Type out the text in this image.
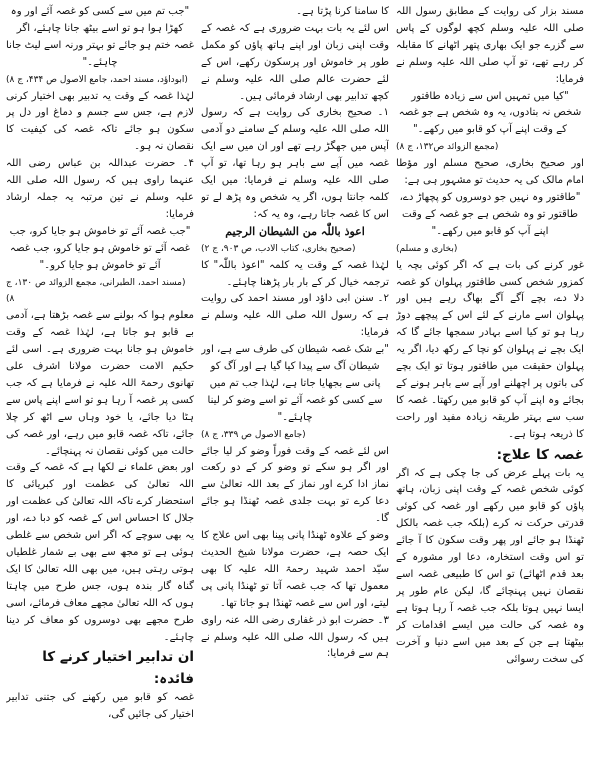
مسند بزار کی روایت کے مطابق رسول اللہ صلی اللہ علیہ وسلم کچھ لوگوں کے پاس سے گزرے جو ایک بھاری پتھر اٹھانے کا مقابلہ کر رہے تھے، تو آپ صلی اللہ علیہ وسلم نے فرمایا:

"کیا میں تمہیں اس سے زیادہ طاقتور شخص نہ بتادوں، یہ وہ شخص ہے جو غصہ کے وقت اپنے آپ کو قابو میں رکھے۔"

(مجمع الزوائد ص۱۳۲، ج ۸)

اور صحیح بخاری، صحیح مسلم اور مؤطا امام مالک کی یہ حدیث تو مشہور ہی ہے:

"طاقتور وہ نہیں جو دوسروں کو پچھاڑ دے، طاقتور تو وہ شخص ہے جو غصہ کے وقت اپنے آپ کو قابو میں رکھے۔"

(بخاری و مسلم)

غور کرنے کی بات ہے کہ اگر کوئی بچہ یا کمزور شخص کسی طاقتور پہلوان کو غصہ دلا دے، بچے آگے آگے بھاگ رہے ہیں اور پہلوان اسے مارنے کے لئے اس کے پیچھے دوڑ رہا ہو تو کیا اسے بہادر سمجھا جائے گا کہ ایک بچے نے پہلوان کو نچا کے رکھ دیا، اگر یہ پہلوان حقیقت میں طاقتور ہوتا تو ایک بچے کی باتوں پر اچھلنے اور آپے سے باہر ہونے کے بجائے وہ اپنے آپ کو قابو میں رکھتا۔ غصہ کا سب سے بہتر طریقہ زیادہ مفید اور راحت کا ذریعہ ہوتا ہے۔

غصہ کا علاج:

یہ بات پہلے عرض کی جا چکی ہے کہ اگر کوئی شخص غصہ کے وقت اپنی زبان، ہاتھ پاؤں کو قابو میں رکھے اور غصہ کی کوئی قدرتی حرکت نہ کرے (بلکہ جب غصہ بالکل ٹھنڈا ہو جائے اور پھر وقت سکون کا آ جائے تو اس وقت استخارہ، دعا اور مشورہ کے بعد قدم اٹھائے) تو اس کا طبیعی غصہ اسے نقصان نہیں پہنچائے گا، لیکن عام طور پر ایسا نہیں ہوتا بلکہ جب غصہ آ رہا ہوتا ہے وہ غصہ کی حالت میں ایسے اقدامات کر بیٹھتا ہے جن کے بعد میں اسے دنیا و آخرت کی سخت رسوائی

کا سامنا کرنا پڑتا ہے۔

اس لئے یہ بات بہت ضروری ہے کہ غصہ کے وقت اپنی زبان اور اپنے ہاتھ پاؤں کو مکمل طور پر خاموش اور پرسکون رکھے، اس کے لئے حضرت عالم صلی اللہ علیہ وسلم نے کچھ تدابیر بھی ارشاد فرمائی ہیں۔

۱۔ صحیح بخاری کی روایت ہے کہ رسول اللہ صلی اللہ علیہ وسلم کے سامنے دو آدمی آپس میں جھگڑ رہے تھے اور ان میں سے ایک غصہ میں آپے سے باہر ہو رہا تھا، تو آپ صلی اللہ علیہ وسلم نے فرمایا: میں ایک کلمہ جانتا ہوں، اگر یہ شخص وہ پڑھ لے تو اس کا غصہ جاتا رہے، وہ یہ کہ:

اعوذ باللّٰہ من الشیطان الرجیم

(صحیح بخاری، کتاب الادب، ص ۹۰۳، ج ۲)

لہٰذا غصہ کے وقت یہ کلمہ "اعوذ باللّٰہ" کا ترجمہ خیال کر کے بار بار پڑھنا چاہئے۔

۲۔ سنن ابی داؤد اور مسند احمد کی روایت ہے کہ رسول اللہ صلی اللہ علیہ وسلم نے فرمایا:

"بے شک غصہ شیطان کی طرف سے ہے، اور شیطان آگ سے پیدا کیا گیا ہے اور آگ کو پانی سے بجھایا جاتا ہے، لہٰذا جب تم میں سے کسی کو غصہ آئے تو اسے وضو کر لینا چاہئے۔"

(جامع الاصول ص ۳۳۹، ج ۸)

اس لئے غصہ کے وقت فوراً وضو کر لیا جائے اور اگر ہو سکے تو وضو کر کے دو رکعت نماز ادا کرے اور نماز کے بعد اللہ تعالیٰ سے دعا کرے تو بہت جلدی غصہ ٹھنڈا ہو جائے گا۔

وضو کے علاوہ ٹھنڈا پانی پینا بھی اس علاج کا ایک حصہ ہے، حضرت مولانا شیخ الحدیث سیّد احمد شہید رحمۃ اللہ علیہ کا بھی معمول تھا کہ جب غصہ آتا تو ٹھنڈا پانی پی لیتے، اور اس سے غصہ ٹھنڈا ہو جاتا تھا۔

۳۔ حضرت ابو ذر غفاری رضی اللہ عنہ راوی ہیں کہ رسول اللہ صلی اللہ علیہ وسلم نے ہم سے فرمایا:

"جب تم میں سے کسی کو غصہ آئے اور وہ کھڑا ہوا ہو تو اسے بیٹھ جانا چاہئے، اگر غصہ ختم ہو جائے تو بہتر ورنہ اسے لیٹ جانا چاہئے۔"

(ابوداؤد، مسند احمد، جامع الاصول ص ۴۳۴، ج ۸)

لہٰذا غصہ کے وقت یہ تدبیر بھی اختیار کرنی لازم ہے، جس سے جسم و دماغ اور دل پر سکون ہو جائے تاکہ غصہ کی کیفیت کا نقصان نہ ہو۔

۴۔ حضرت عبداللہ بن عباس رضی اللہ عنہما راوی ہیں کہ رسول اللہ صلی اللہ علیہ وسلم نے تین مرتبہ یہ جملہ ارشاد فرمایا:

"جب غصہ آئے تو خاموش ہو جایا کرو، جب غصہ آئے تو خاموش ہو جایا کرو، جب غصہ آئے تو خاموش ہو جایا کرو۔"

(مسند احمد، الطبرانی، مجمع الزوائد ص ۱۳۰، ج ۸)

معلوم ہوا کہ بولنے سے غصہ بڑھتا ہے، آدمی بے قابو ہو جاتا ہے، لہٰذا غصہ کے وقت خاموش ہو جانا بہت ضروری ہے۔ اسی لئے حکیم الامت حضرت مولانا اشرف علی تھانوی رحمۃ اللہ علیہ نے فرمایا ہے کہ جب کسی پر غصہ آ رہا ہو تو اسے اپنے پاس سے ہٹا دیا جائے، یا خود وہاں سے اٹھ کر چلا جائے، تاکہ غصہ قابو میں رہے، اور غصہ کی حالت میں کوئی نقصان نہ پہنچائے۔

اور بعض علماء نے لکھا ہے کہ غصہ کے وقت اللہ تعالیٰ کی عظمت اور کبریائی کا استحضار کرے تاکہ اللہ تعالیٰ کی عظمت اور جلال کا احساس اس کے غصہ کو دبا دے، اور یہ بھی سوچے کہ اگر اس شخص سے غلطی ہوئی ہے تو مجھ سے بھی بے شمار غلطیاں ہوتی رہتی ہیں، میں بھی اللہ تعالیٰ کا ایک گناہ گار بندہ ہوں، جس طرح میں چاہتا ہوں کہ اللہ تعالیٰ مجھے معاف فرمائے، اسی طرح مجھے بھی دوسروں کو معاف کر دینا چاہئے۔

ان تدابیر اختیار کرنے کا فائدہ:

غصہ کو قابو میں رکھنے کی جتنی تدابیر اختیار کی جائیں گی،
